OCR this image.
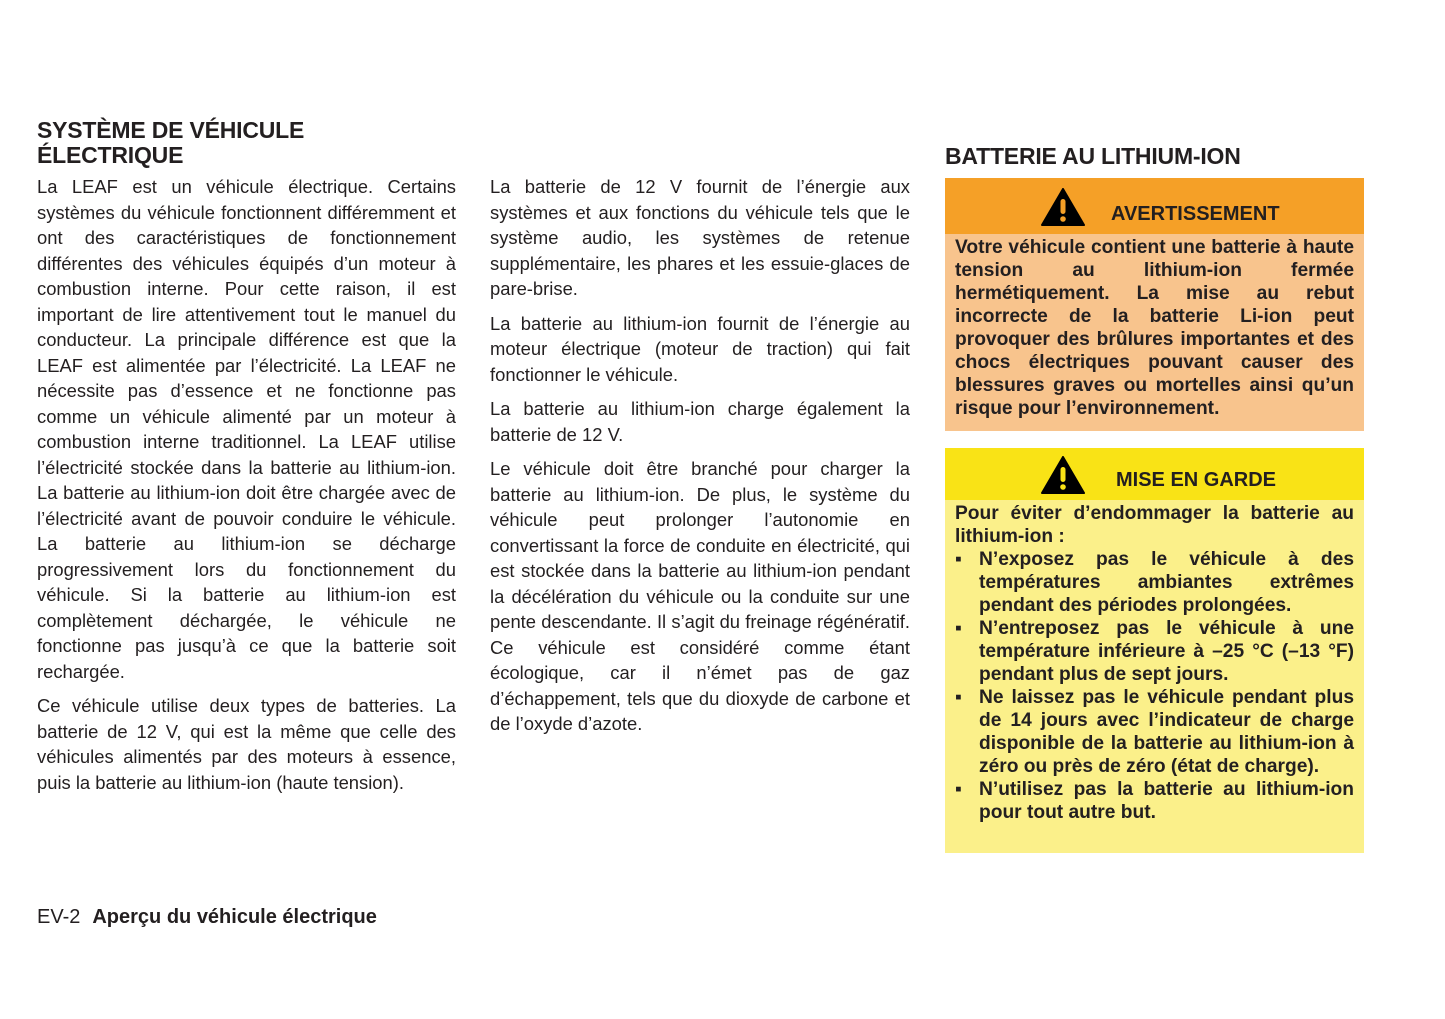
SYSTÈME DE VÉHICULE
ÉLECTRIQUE

La LEAF est un véhicule électrique. Certains systèmes du véhicule fonctionnent différemment et ont des caractéristiques de fonctionnement différentes des véhicules équipés d’un moteur à combustion interne. Pour cette raison, il est important de lire attentivement tout le manuel du conducteur. La principale différence est que la LEAF est alimentée par l’électricité. La LEAF ne nécessite pas d’essence et ne fonctionne pas comme un véhicule alimenté par un moteur à combustion interne traditionnel. La LEAF utilise l’électricité stockée dans la batterie au lithium-ion. La batterie au lithium-ion doit être chargée avec de l’électricité avant de pouvoir conduire le véhicule. La batterie au lithium-ion se décharge progressivement lors du fonctionnement du véhicule. Si la batterie au lithium-ion est complètement déchargée, le véhicule ne fonctionne pas jusqu’à ce que la batterie soit rechargée.

Ce véhicule utilise deux types de batteries. La batterie de 12 V, qui est la même que celle des véhicules alimentés par des moteurs à essence, puis la batterie au lithium-ion (haute tension).

La batterie de 12 V fournit de l’énergie aux systèmes et aux fonctions du véhicule tels que le système audio, les systèmes de retenue supplémentaire, les phares et les essuie-glaces de pare-brise.

La batterie au lithium-ion fournit de l’énergie au moteur électrique (moteur de traction) qui fait fonctionner le véhicule.

La batterie au lithium-ion charge également la batterie de 12 V.

Le véhicule doit être branché pour charger la batterie au lithium-ion. De plus, le système du véhicule peut prolonger l’autonomie en convertissant la force de conduite en électricité, qui est stockée dans la batterie au lithium-ion pendant la décélération du véhicule ou la conduite sur une pente descendante. Il s’agit du freinage régénératif. Ce véhicule est considéré comme étant écologique, car il n’émet pas de gaz d’échappement, tels que du dioxyde de carbone et de l’oxyde d’azote.

BATTERIE AU LITHIUM-ION
AVERTISSEMENT

Votre véhicule contient une batterie à haute tension au lithium-ion fermée hermétiquement. La mise au rebut incorrecte de la batterie Li-ion peut provoquer des brûlures importantes et des chocs électriques pouvant causer des blessures graves ou mortelles ainsi qu’un risque pour l’environnement.

MISE EN GARDE

Pour éviter d’endommager la batterie au lithium-ion :

▪ N’exposez pas le véhicule à des températures ambiantes extrêmes pendant des périodes prolongées.
▪ N’entreposez pas le véhicule à une température inférieure à –25 °C (–13 °F) pendant plus de sept jours.
▪ Ne laissez pas le véhicule pendant plus de 14 jours avec l’indicateur de charge disponible de la batterie au lithium-ion à zéro ou près de zéro (état de charge).
▪ N’utilisez pas la batterie au lithium-ion pour tout autre but.
EV-2 Aperçu du véhicule électrique
